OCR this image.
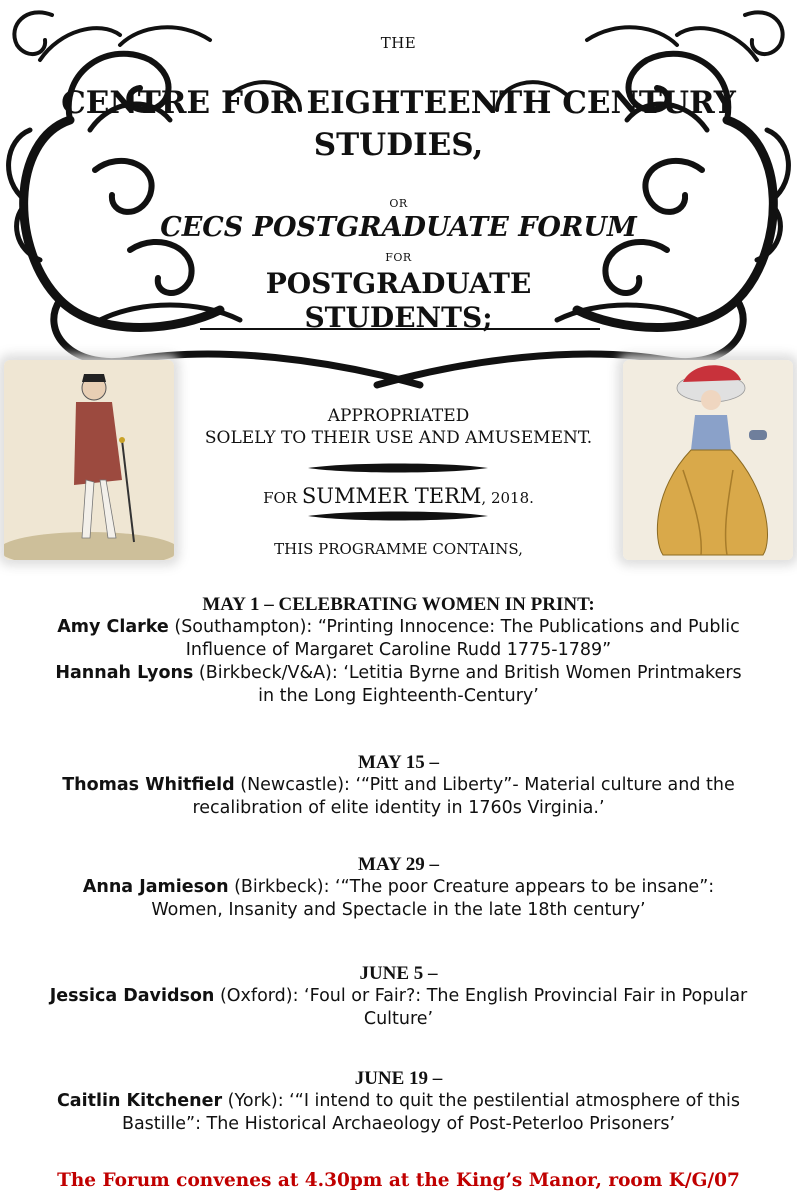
THE
CENTRE FOR EIGHTEENTH CENTURY
STUDIES,
OR
CECS POSTGRADUATE FORUM
FOR
POSTGRADUATE
STUDENTS;
APPROPRIATED
SOLELY TO THEIR USE AND AMUSEMENT.
FOR SUMMER TERM, 2018.
THIS PROGRAMME CONTAINS,
MAY 1 – CELEBRATING WOMEN IN PRINT:
Amy Clarke (Southampton): “Printing Innocence: The Publications and Public
Influence of Margaret Caroline Rudd 1775-1789”
Hannah Lyons (Birkbeck/V&A): ‘Letitia Byrne and British Women Printmakers
in the Long Eighteenth-Century’
MAY 15 –
Thomas Whitfield (Newcastle): ‘“Pitt and Liberty”- Material culture and the
recalibration of elite identity in 1760s Virginia.’
MAY 29 –
Anna Jamieson (Birkbeck): ‘“The poor Creature appears to be insane”:
Women, Insanity and Spectacle in the late 18th century’
JUNE 5 –
Jessica Davidson (Oxford): ‘Foul or Fair?: The English Provincial Fair in Popular
Culture’
JUNE 19 –
Caitlin Kitchener (York): ‘“I intend to quit the pestilential atmosphere of this
Bastille”: The Historical Archaeology of Post-Peterloo Prisoners’
The Forum convenes at 4.30pm at the King’s Manor, room K/G/07
